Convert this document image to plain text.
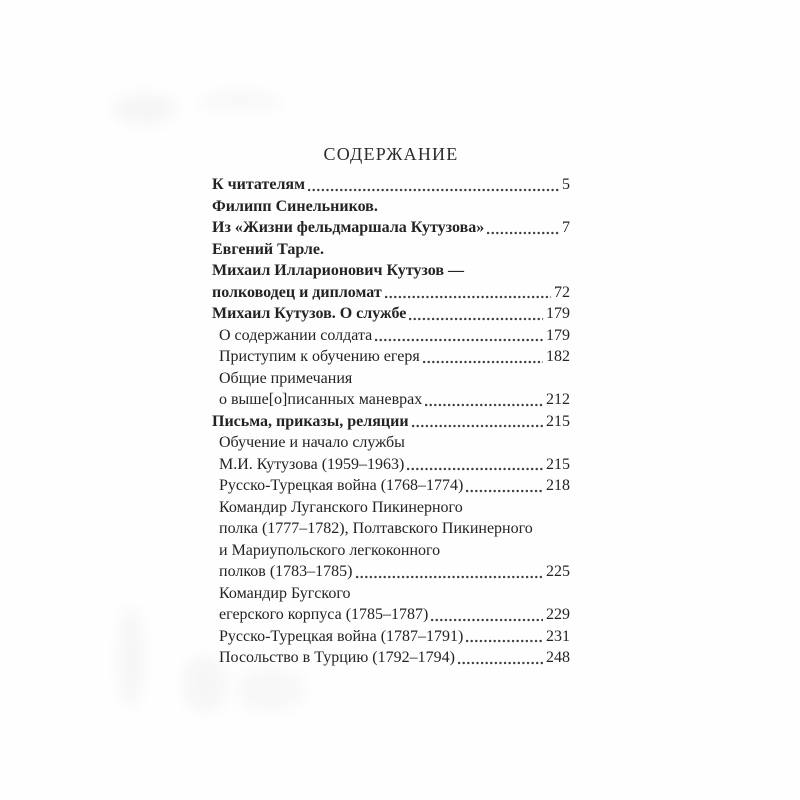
СОДЕРЖАНИЕ
К читателям	5
Филипп Синельников.
Из «Жизни фельдмаршала Кутузова»	7
Евгений Тарле.
Михаил Илларионович Кутузов —
полководец и дипломат	72
Михаил Кутузов. О службе	179
О содержании солдата	179
Приступим к обучению егеря	182
Общие примечания
о выше[о]писанных маневрах	212
Письма, приказы, реляции	215
Обучение и начало службы
М.И. Кутузова (1959–1963)	215
Русско-Турецкая война (1768–1774)	218
Командир Луганского Пикинерного
полка (1777–1782), Полтавского Пикинерного
и Мариупольского легкоконного
полков (1783–1785)	225
Командир Бугского
егерского корпуса (1785–1787)	229
Русско-Турецкая война (1787–1791)	231
Посольство в Турцию (1792–1794)	248
